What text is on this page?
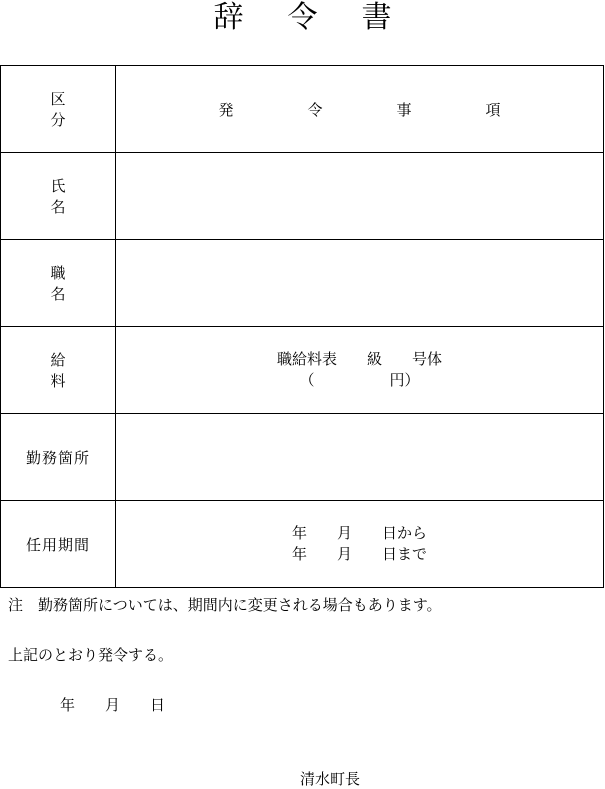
辞令書
区分	発令事項
氏名	
職名	
給料	職給料表　　級　　号体
（　　　　　円）

勤務箇所	
任用期間	年　　月　　日から
年　　月　　日まで
注　勤務箇所については、期間内に変更される場合もあります。
上記のとおり発令する。
年　　月　　日
清水町長
